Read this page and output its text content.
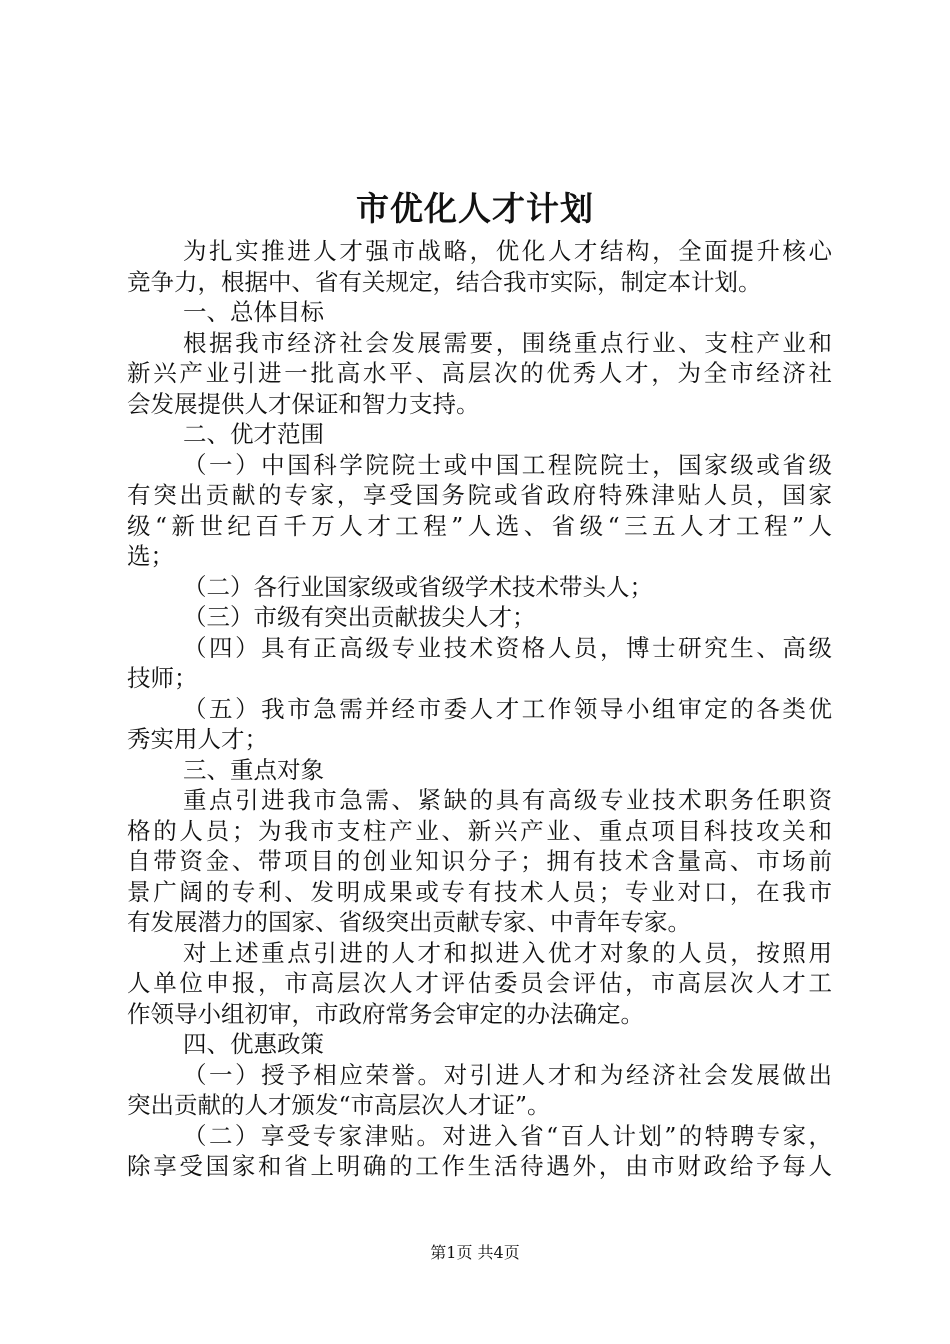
市优化人才计划
为扎实推进人才强市战略，优化人才结构，全面提升核心
竞争力，根据中、省有关规定，结合我市实际，制定本计划。
一、总体目标
根据我市经济社会发展需要，围绕重点行业、支柱产业和
新兴产业引进一批高水平、高层次的优秀人才，为全市经济社
会发展提供人才保证和智力支持。
二、优才范围
（一）中国科学院院士或中国工程院院士，国家级或省级
有突出贡献的专家，享受国务院或省政府特殊津贴人员，国家
级“新世纪百千万人才工程”人选、省级“三五人才工程”人
选；
（二）各行业国家级或省级学术技术带头人；
（三）市级有突出贡献拔尖人才；
（四）具有正高级专业技术资格人员，博士研究生、高级
技师；
（五）我市急需并经市委人才工作领导小组审定的各类优
秀实用人才；
三、重点对象
重点引进我市急需、紧缺的具有高级专业技术职务任职资
格的人员；为我市支柱产业、新兴产业、重点项目科技攻关和
自带资金、带项目的创业知识分子；拥有技术含量高、市场前
景广阔的专利、发明成果或专有技术人员；专业对口，在我市
有发展潜力的国家、省级突出贡献专家、中青年专家。
对上述重点引进的人才和拟进入优才对象的人员，按照用
人单位申报，市高层次人才评估委员会评估，市高层次人才工
作领导小组初审，市政府常务会审定的办法确定。
四、优惠政策
（一）授予相应荣誉。对引进人才和为经济社会发展做出
突出贡献的人才颁发“市高层次人才证”。
（二）享受专家津贴。对进入省“百人计划”的特聘专家，
除享受国家和省上明确的工作生活待遇外，由市财政给予每人
第1页 共4页
